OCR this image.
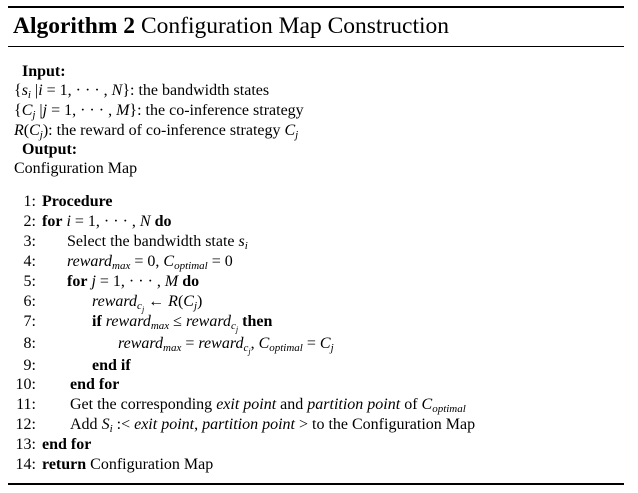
Algorithm 2 Configuration Map Construction
Input:
{$s_i$ |i = 1, · · · , N}: the bandwidth states
{$C_j$ |j = 1, · · · , M}: the co-inference strategy
$R(C_j)$: the reward of co-inference strategy $C_j$
Output:
Configuration Map
1: Procedure
2: for i = 1, · · · , N do
3: Select the bandwidth state $s_i$
4: reward$_{max}$ = 0, $C_{optimal} = 0$
5: for j = 1, · · · , M do
6:	reward$_{c_j}$ ← $R(C_j)$
7:	if reward$_{max}$ ≤ reward$_{c_j}$ then
8:	reward$_{max}$ = reward$_{c_j}$, $C_{optimal} = C_j$
9:	end if
10: end for
11: Get the corresponding exit point and partition point of $C_{optimal}$
12: Add $S_i$ :< exit point, partition point > to the Configuration Map
13: end for
14: return Configuration Map
